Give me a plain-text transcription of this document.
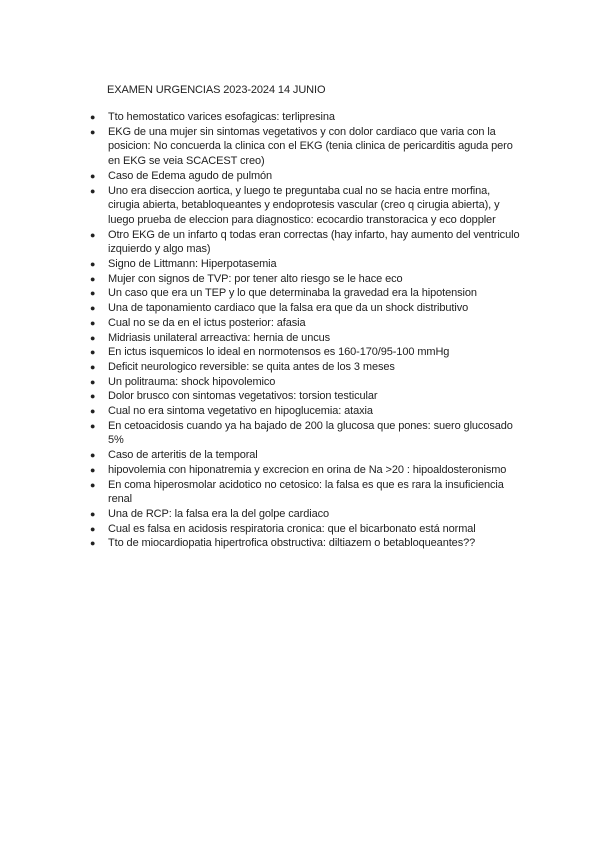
EXAMEN URGENCIAS 2023-2024 14 JUNIO
●	Tto hemostatico varices esofagicas: terlipresina
●	EKG de una mujer sin sintomas vegetativos y con dolor cardiaco que varia con la posicion: No concuerda la clinica con el EKG (tenia clinica de pericarditis aguda pero en EKG se veia SCACEST creo)
●	Caso de Edema agudo de pulmón
●	Uno era diseccion aortica, y luego te preguntaba cual no se hacia entre morfina, cirugia abierta, betabloqueantes y endoprotesis vascular (creo q cirugia abierta), y luego prueba de eleccion para diagnostico: ecocardio transtoracica y eco doppler
●	Otro EKG de un infarto q todas eran correctas (hay infarto, hay aumento del ventriculo izquierdo y algo mas)
●	Signo de Littmann: Hiperpotasemia
●	Mujer con signos de TVP: por tener alto riesgo se le hace eco
●	Un caso que era un TEP y lo que determinaba la gravedad era la hipotension
●	Una de taponamiento cardiaco que la falsa era que da un shock distributivo
●	Cual no se da en el ictus posterior: afasia
●	Midriasis unilateral arreactiva: hernia de uncus
●	En ictus isquemicos lo ideal en normotensos es 160-170/95-100 mmHg
●	Deficit neurologico reversible: se quita antes de los 3 meses
●	Un politrauma: shock hipovolemico
●	Dolor brusco con sintomas vegetativos: torsion testicular
●	Cual no era sintoma vegetativo en hipoglucemia: ataxia
●	En cetoacidosis cuando ya ha bajado de 200 la glucosa que pones: suero glucosado 5%
●	Caso de arteritis de la temporal
●	hipovolemia con hiponatremia y excrecion en orina de Na >20 : hipoaldosteronismo
●	En coma hiperosmolar acidotico no cetosico: la falsa es que es rara la insuficiencia renal
●	Una de RCP: la falsa era la del golpe cardiaco
●	Cual es falsa en acidosis respiratoria cronica: que el bicarbonato está normal
●	Tto de miocardiopatia hipertrofica obstructiva: diltiazem o betabloqueantes??
